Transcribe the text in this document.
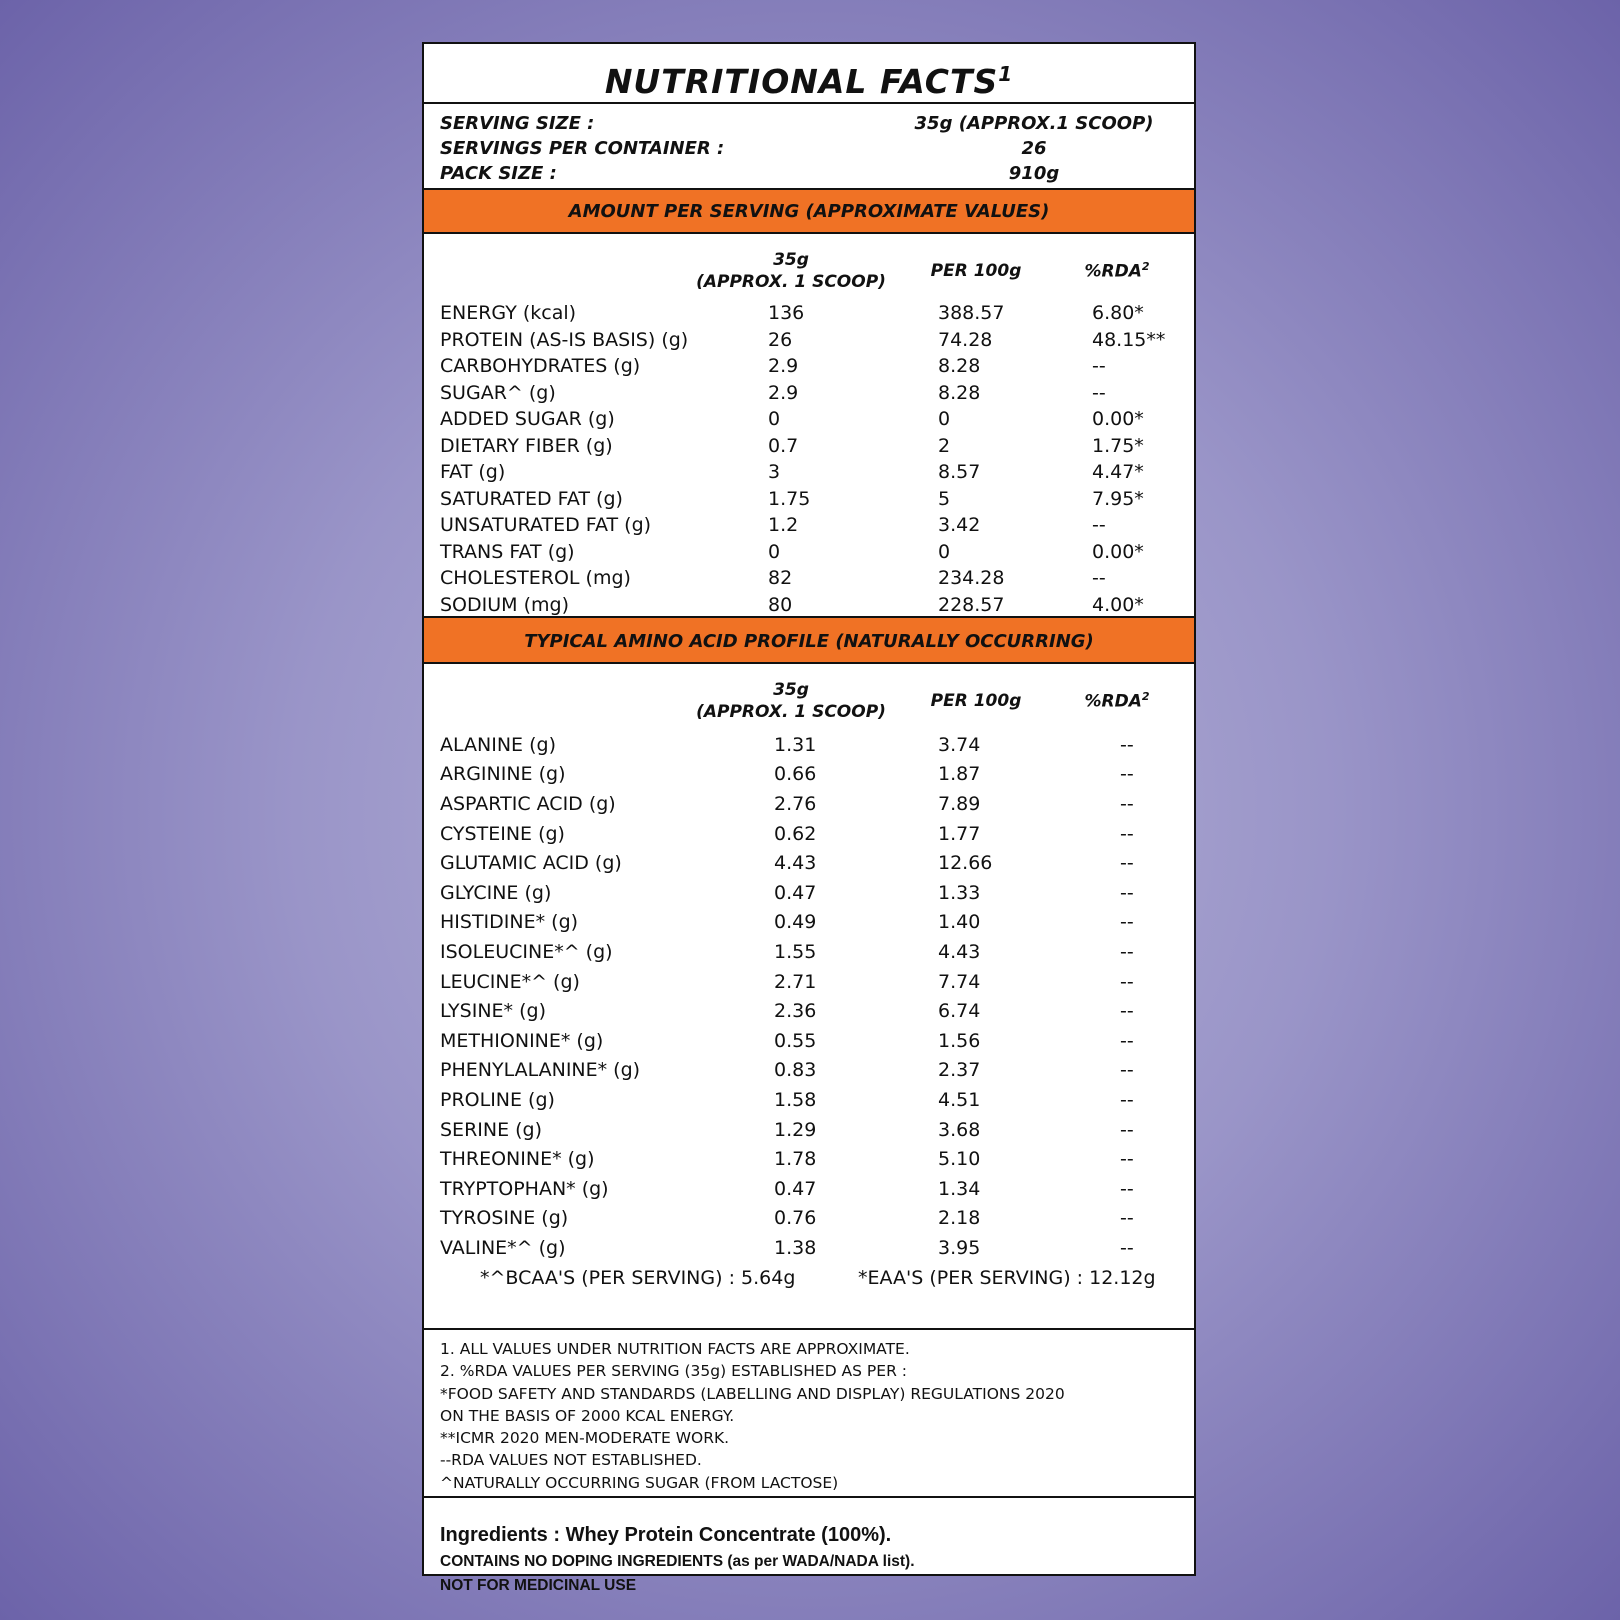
NUTRITIONAL FACTS$^1$
SERVING SIZE :	35g (APPROX.1 SCOOP)
SERVINGS PER CONTAINER :	26
PACK SIZE :	910g
AMOUNT PER SERVING (APPROXIMATE VALUES)
35g
(APPROX. 1 SCOOP)
PER 100g	%RDA$^2$
ENERGY (kcal)	136	388.57	6.80*
PROTEIN (AS-IS BASIS) (g)	26	74.28	48.15**
CARBOHYDRATES (g)	2.9	8.28	--
SUGAR^ (g)	2.9	8.28	--
ADDED SUGAR (g)	0	0	0.00*
DIETARY FIBER (g)	0.7	2	1.75*
FAT (g)	3	8.57	4.47*
SATURATED FAT (g)	1.75	5	7.95*
UNSATURATED FAT (g)	1.2	3.42	--
TRANS FAT (g)	0	0	0.00*
CHOLESTEROL (mg)	82	234.28	--
SODIUM (mg)	80	228.57	4.00*
TYPICAL AMINO ACID PROFILE (NATURALLY OCCURRING)
35g
(APPROX. 1 SCOOP)
PER 100g	%RDA$^2$
ALANINE (g)	1.31	3.74	--
ARGININE (g)	0.66	1.87	--
ASPARTIC ACID (g)	2.76	7.89	--
CYSTEINE (g)	0.62	1.77	--
GLUTAMIC ACID (g)	4.43	12.66	--
GLYCINE (g)	0.47	1.33	--
HISTIDINE* (g)	0.49	1.40	--
ISOLEUCINE*^ (g)	1.55	4.43	--
LEUCINE*^ (g)	2.71	7.74	--
LYSINE* (g)	2.36	6.74	--
METHIONINE* (g)	0.55	1.56	--
PHENYLALANINE* (g)	0.83	2.37	--
PROLINE (g)	1.58	4.51	--
SERINE (g)	1.29	3.68	--
THREONINE* (g)	1.78	5.10	--
TRYPTOPHAN* (g)	0.47	1.34	--
TYROSINE (g)	0.76	2.18	--
VALINE*^ (g)	1.38	3.95	--
*^BCAA'S (PER SERVING) : 5.64g	*EAA'S (PER SERVING) : 12.12g
1. ALL VALUES UNDER NUTRITION FACTS ARE APPROXIMATE.
2. %RDA VALUES PER SERVING (35g) ESTABLISHED AS PER :
*FOOD SAFETY AND STANDARDS (LABELLING AND DISPLAY) REGULATIONS 2020
ON THE BASIS OF 2000 KCAL ENERGY.
**ICMR 2020 MEN-MODERATE WORK.
--RDA VALUES NOT ESTABLISHED.
^NATURALLY OCCURRING SUGAR (FROM LACTOSE)
Ingredients : Whey Protein Concentrate (100%).
CONTAINS NO DOPING INGREDIENTS (as per WADA/NADA list).
NOT FOR MEDICINAL USE
